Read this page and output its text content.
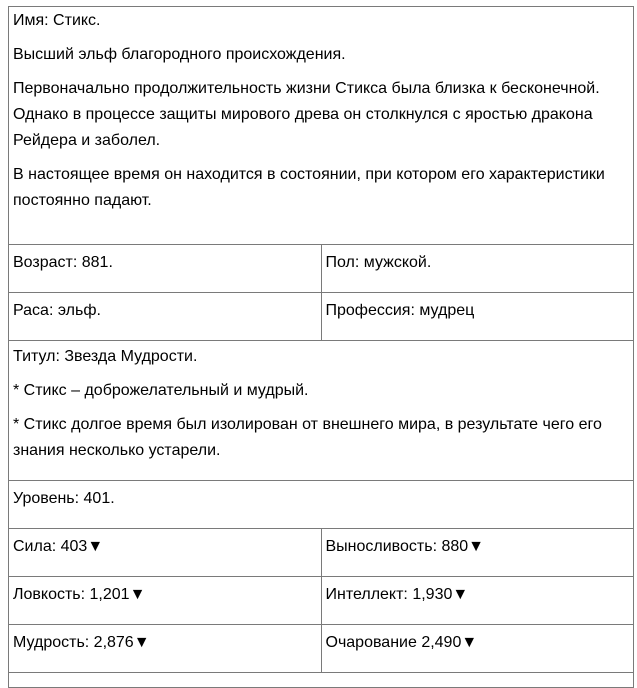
Имя: Стикс.

Высший эльф благородного происхождения.

Первоначально продолжительность жизни Стикса была близка к бесконечной. Однако в процессе защиты мирового древа он столкнулся с яростью дракона Рейдера и заболел.

В настоящее время он находится в состоянии, при котором его характеристики постоянно падают.	

Возраст: 881.	Пол: мужской.
Раса: эльф.	Профессия: мудрец

Титул: Звезда Мудрости.

* Стикс – доброжелательный и мудрый.

* Стикс долгое время был изолирован от внешнего мира, в результате чего его знания несколько устарели.	

Уровень: 401.	
Сила: 403▼	Выносливость: 880▼
Ловкость: 1,201▼	Интеллект: 1,930▼
Мудрость: 2,876▼	Очарование 2,490▼
